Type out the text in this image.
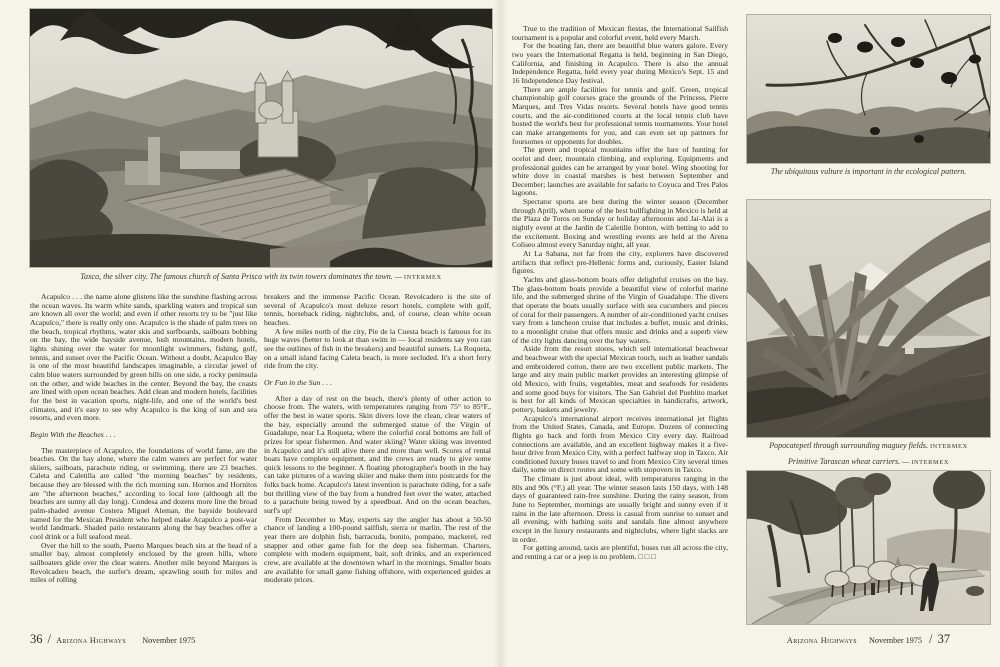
Taxco, the silver city. The famous church of Santa Prisca with its twin towers dominates the town. — INTERMEX

Acapulco . . . the name alone glistens like the sunshine flashing across the ocean waves. Its warm white sands, sparkling waters and tropical sun are known all over the world; and even if other resorts try to be "just like Acapulco," there is really only one. Acapulco is the shade of palm trees on the beach, tropical rhythms, water skis and surfboards, sailboats bobbing on the bay, the wide bayside avenue, lush mountains, modern hotels, lights shining over the water for moonlight swimmers, fishing, golf, tennis, and sunset over the Pacific Ocean. Without a doubt, Acapulco Bay is one of the most beautiful landscapes imaginable, a circular jewel of calm blue waters surrounded by green hills on one side, a rocky peninsula on the other, and wide beaches in the center. Beyond the bay, the coasts are lined with open ocean beaches. Add clean and modern hotels, facilities for the best in vacation sports, night-life, and one of the world's best climates, and it's easy to see why Acapulco is the king of sun and sea resorts, and even more.

Begin With the Beaches . . .

The masterpiece of Acapulco, the foundations of world fame, are the beaches. On the bay alone, where the calm waters are perfect for water skiiers, sailboats, parachute riding, or swimming, there are 23 beaches. Caleta and Caletilla are called "the morning beaches" by residents, because they are blessed with the rich morning sun. Hornos and Hornitos are "the afternoon beaches," according to local lore (although all the beaches are sunny all day long). Condesa and dozens more line the broad palm-shaded avenue Costera Miguel Aleman, the bayside boulevard named for the Mexican President who helped make Acapulco a post-war world landmark. Shaded patio restaurants along the bay beaches offer a cool drink or a full seafood meal.

Over the hill to the south, Puerto Marques beach sits at the head of a smaller bay, almost completely enclosed by the green hills, where sailboaters glide over the clear waters. Another mile beyond Marques is Revolcadero beach, the surfer's dream, sprawling south for miles and miles of rolling

breakers and the immense Pacific Ocean. Revolcadero is the site of several of Acapulco's most deluxe resort hotels, complete with golf, tennis, horseback riding, nightclubs, and, of course, clean white ocean beaches.

A few miles north of the city, Pie de la Cuesta beach is famous for its huge waves (better to look at than swim in — local residents say you can see the outlines of fish in the breakers) and beautiful sunsets. La Roqueta, on a small island facing Caleta beach, is more secluded. It's a short ferry ride from the city.

Or Fun in the Sun . . .

After a day of rest on the beach, there's plenty of other action to choose from. The waters, with temperatures ranging from 75° to 85°F., offer the best in water sports. Skin divers love the clean, clear waters of the bay, especially around the submerged statue of the Virgin of Guadalupe, near La Roqueta, where the colorful coral bottoms are full of prizes for spear fishermen. And water skiing? Water skiing was invented in Acapulco and it's still alive there and more than well. Scores of rental boats have complete equipment, and the crews are ready to give some quick lessons to the beginner. A floating photographer's booth in the bay can take pictures of a waving skiier and make them into postcards for the folks back home. Acapulco's latest invention is parachute riding, for a safe but thrilling view of the bay from a hundred feet over the water, attached to a parachute being towed by a speedboat. And on the ocean beaches, surf's up!

From December to May, experts say the angler has about a 50-50 chance of landing a 100-pound sailfish, sierra or marlin. The rest of the year there are dolphin fish, barracuda, bonito, pompano, mackerel, red snapper and other game fish for the deep sea fisherman. Charters, complete with modern equipment, bait, soft drinks, and an experienced crew, are available at the downtown wharf in the mornings. Smaller boats are available for small game fishing offshore, with experienced guides at moderate prices.

36 / Arizona Highways November 1975

True to the tradition of Mexican fiestas, the International Sailfish tournament is a popular and colorful event, held every March.

For the boating fan, there are beautiful blue waters galore. Every two years the International Regatta is held, beginning in San Diego, California, and finishing in Acapulco. There is also the annual Independence Regatta, held every year during Mexico's Sept. 15 and 16 Independence Day festival.

There are ample facilities for tennis and golf. Green, tropical championship golf courses grace the grounds of the Princess, Pierre Marques, and Tres Vidas resorts. Several hotels have good tennis courts, and the air-conditioned courts at the local tennis club have hosted the world's best for professional tennis tournaments. Your hotel can make arrangements for you, and can even set up partners for foursomes or opponents for doubles.

The green and tropical mountains offer the lure of hunting for ocelot and deer, mountain climbing, and exploring. Equipments and professional guides can be arranged by your hotel. Wing shooting for white dove in coastal marshes is best between September and December; launches are available for safaris to Coyuca and Tres Palos lagoons.

Spectator sports are best during the winter season (December through April), when some of the best bullfighting in Mexico is held at the Plaza de Toros on Sunday or holiday afternoons and Jai-Alai is a nightly event at the Jardin de Caletille fronton, with betting to add to the excitement. Boxing and wrestling events are held at the Arena Coliseo almost every Saturday night, all year.

At La Sabana, not far from the city, explorers have discovered artifacts that reflect pre-Hellenic forms and, curiously, Easter Island figures.

Yachts and glass-bottom boats offer delightful cruises on the bay. The glass-bottom boats provide a beautiful view of colorful marine life, and the submerged shrine of the Virgin of Guadalupe. The divers that operate the boats usually surface with sea cucumbers and pieces of coral for their passengers. A number of air-conditioned yacht cruises vary from a luncheon cruise that includes a buffet, music and drinks, to a moonlight cruise that offers music and drinks and a superb view of the city lights dancing over the bay waters.

Aside from the resort stores, which sell international beachwear and beachwear with the special Mexican touch, such as leather sandals and embroidered cotton, there are two excellent public markets. The large and airy main public market provides an interesting glimpse of old Mexico, with fruits, vegetables, meat and seafoods for residents and some good buys for visitors. The San Gabriel del Pueblito market is best for all kinds of Mexican specialties in handicrafts, artwork, pottery, baskets and jewelry.

Acapulco's international airport receives international jet flights from the United States, Canada, and Europe. Dozens of connecting flights go back and forth from Mexico City every day. Railroad connections are available, and an excellent highway makes it a five-hour drive from Mexico City, with a perfect halfway stop in Taxco. Air conditioned luxury buses travel to and from Mexico City several times daily, some on direct routes and some with stopovers in Taxco.

The climate is just about ideal, with temperatures ranging in the 80s and 90s (°F.) all year. The winter season lasts 150 days, with 148 days of guaranteed rain-free sunshine. During the rainy season, from June to September, mornings are usually bright and sunny even if it rains in the late afternoon. Dress is casual from sunrise to sunset and all evening, with bathing suits and sandals fine almost anywhere except in the luxury restaurants and nightclubs, where light slacks are in order.

For getting around, taxis are plentiful, buses run all across the city, and renting a car or a jeep is no problem. □ □ □

The ubiquitous vulture is important in the ecological pattern.
Popocatepetl through surrounding maguey fields. INTERMEX
Primitive Tarascan wheat carriers. — INTERMEX
Arizona Highways November 1975 / 37
